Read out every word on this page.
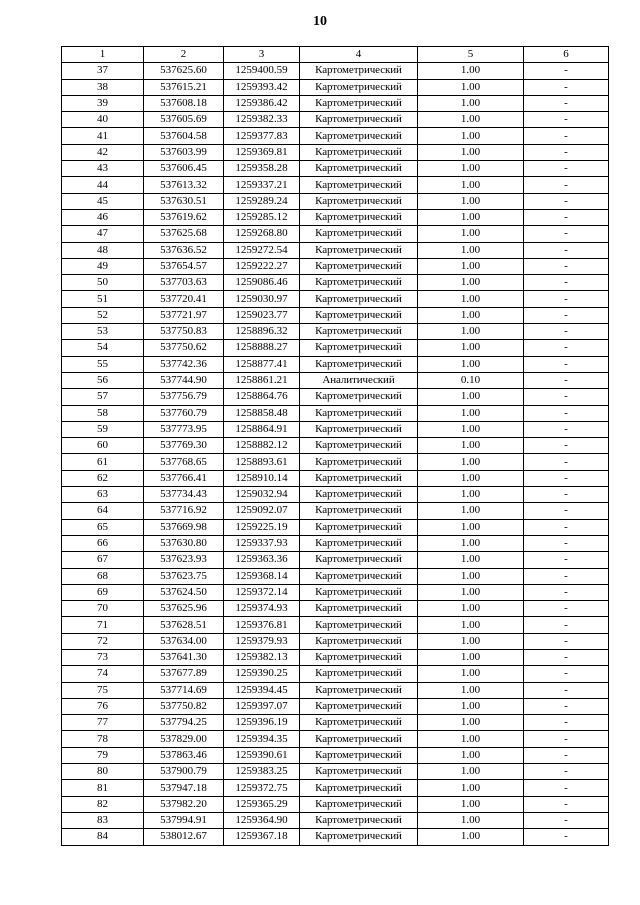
10
1	2	3	4	5	6
37	537625.60	1259400.59	Картометрический	1.00	-
38	537615.21	1259393.42	Картометрический	1.00	-
39	537608.18	1259386.42	Картометрический	1.00	-
40	537605.69	1259382.33	Картометрический	1.00	-
41	537604.58	1259377.83	Картометрический	1.00	-
42	537603.99	1259369.81	Картометрический	1.00	-
43	537606.45	1259358.28	Картометрический	1.00	-
44	537613.32	1259337.21	Картометрический	1.00	-
45	537630.51	1259289.24	Картометрический	1.00	-
46	537619.62	1259285.12	Картометрический	1.00	-
47	537625.68	1259268.80	Картометрический	1.00	-
48	537636.52	1259272.54	Картометрический	1.00	-
49	537654.57	1259222.27	Картометрический	1.00	-
50	537703.63	1259086.46	Картометрический	1.00	-
51	537720.41	1259030.97	Картометрический	1.00	-
52	537721.97	1259023.77	Картометрический	1.00	-
53	537750.83	1258896.32	Картометрический	1.00	-
54	537750.62	1258888.27	Картометрический	1.00	-
55	537742.36	1258877.41	Картометрический	1.00	-
56	537744.90	1258861.21	Аналитический	0.10	-
57	537756.79	1258864.76	Картометрический	1.00	-
58	537760.79	1258858.48	Картометрический	1.00	-
59	537773.95	1258864.91	Картометрический	1.00	-
60	537769.30	1258882.12	Картометрический	1.00	-
61	537768.65	1258893.61	Картометрический	1.00	-
62	537766.41	1258910.14	Картометрический	1.00	-
63	537734.43	1259032.94	Картометрический	1.00	-
64	537716.92	1259092.07	Картометрический	1.00	-
65	537669.98	1259225.19	Картометрический	1.00	-
66	537630.80	1259337.93	Картометрический	1.00	-
67	537623.93	1259363.36	Картометрический	1.00	-
68	537623.75	1259368.14	Картометрический	1.00	-
69	537624.50	1259372.14	Картометрический	1.00	-
70	537625.96	1259374.93	Картометрический	1.00	-
71	537628.51	1259376.81	Картометрический	1.00	-
72	537634.00	1259379.93	Картометрический	1.00	-
73	537641.30	1259382.13	Картометрический	1.00	-
74	537677.89	1259390.25	Картометрический	1.00	-
75	537714.69	1259394.45	Картометрический	1.00	-
76	537750.82	1259397.07	Картометрический	1.00	-
77	537794.25	1259396.19	Картометрический	1.00	-
78	537829.00	1259394.35	Картометрический	1.00	-
79	537863.46	1259390.61	Картометрический	1.00	-
80	537900.79	1259383.25	Картометрический	1.00	-
81	537947.18	1259372.75	Картометрический	1.00	-
82	537982.20	1259365.29	Картометрический	1.00	-
83	537994.91	1259364.90	Картометрический	1.00	-
84	538012.67	1259367.18	Картометрический	1.00	-
